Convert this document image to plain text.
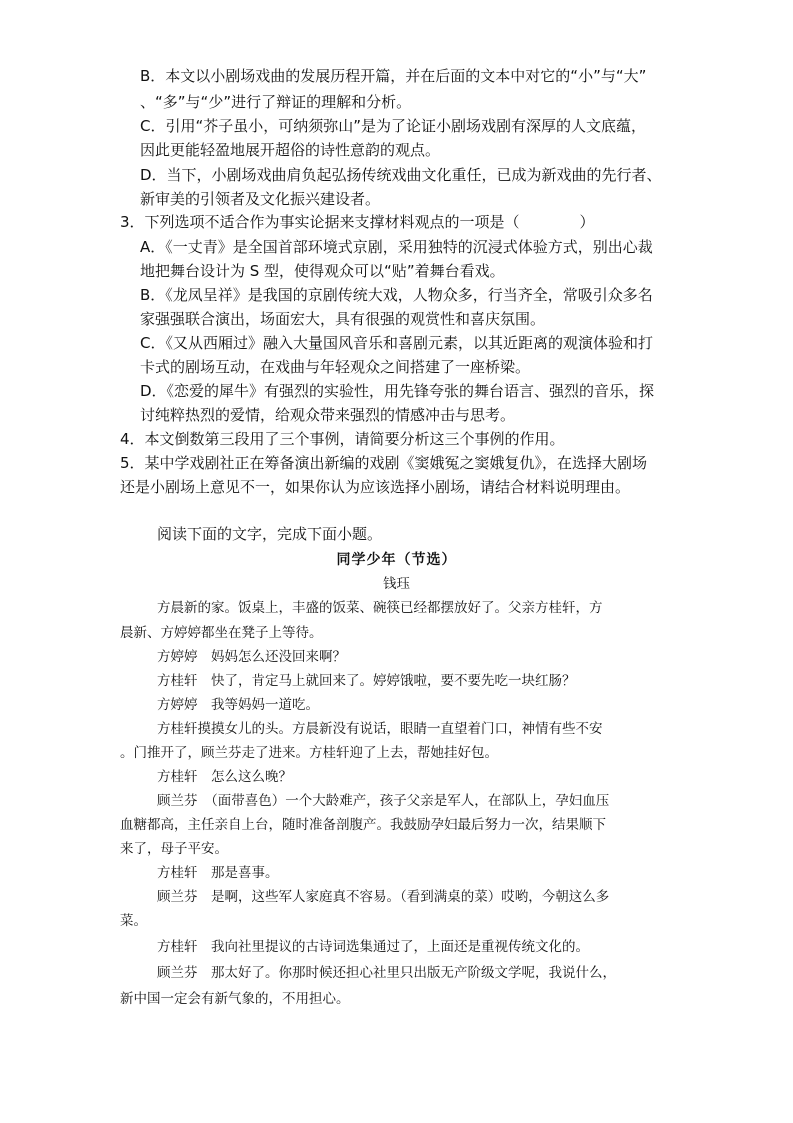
B．本文以小剧场戏曲的发展历程开篇，并在后面的文本中对它的“小”与“大”
、“多”与“少”进行了辩证的理解和分析。
C．引用“芥子虽小，可纳须弥山”是为了论证小剧场戏剧有深厚的人文底蕴，
因此更能轻盈地展开超俗的诗性意韵的观点。
D．当下，小剧场戏曲肩负起弘扬传统戏曲文化重任，已成为新戏曲的先行者、
新审美的引领者及文化振兴建设者。
3．下列选项不适合作为事实论据来支撑材料观点的一项是（　　　　）
A．《一丈青》是全国首部环境式京剧，采用独特的沉浸式体验方式，别出心裁
地把舞台设计为 S 型，使得观众可以“贴”着舞台看戏。
B．《龙凤呈祥》是我国的京剧传统大戏，人物众多，行当齐全，常吸引众多名
家强强联合演出，场面宏大，具有很强的观赏性和喜庆氛围。
C．《又从西厢过》融入大量国风音乐和喜剧元素，以其近距离的观演体验和打
卡式的剧场互动，在戏曲与年轻观众之间搭建了一座桥梁。
D．《恋爱的犀牛》有强烈的实验性，用先锋夸张的舞台语言、强烈的音乐，探
讨纯粹热烈的爱情，给观众带来强烈的情感冲击与思考。
4．本文倒数第三段用了三个事例，请简要分析这三个事例的作用。
5．某中学戏剧社正在筹备演出新编的戏剧《窦娥冤之窦娥复仇》，在选择大剧场
还是小剧场上意见不一，如果你认为应该选择小剧场，请结合材料说明理由。
阅读下面的文字，完成下面小题。
同学少年（节选）
钱珏
方晨新的家。饭桌上，丰盛的饭菜、碗筷已经都摆放好了。父亲方桂轩，方
晨新、方婷婷都坐在凳子上等待。
方婷婷　妈妈怎么还没回来啊？
方桂轩　快了，肯定马上就回来了。婷婷饿啦，要不要先吃一块红肠？
方婷婷　我等妈妈一道吃。
方桂轩摸摸女儿的头。方晨新没有说话，眼睛一直望着门口，神情有些不安
。门推开了，顾兰芬走了进来。方桂轩迎了上去，帮她挂好包。
方桂轩　怎么这么晚？
顾兰芬　（面带喜色）一个大龄难产，孩子父亲是军人，在部队上，孕妇血压
血糖都高，主任亲自上台，随时准备剖腹产。我鼓励孕妇最后努力一次，结果顺下
来了，母子平安。
方桂轩　那是喜事。
顾兰芬　是啊，这些军人家庭真不容易。（看到满桌的菜）哎哟，今朝这么多
菜。
方桂轩　我向社里提议的古诗词选集通过了，上面还是重视传统文化的。
顾兰芬　那太好了。你那时候还担心社里只出版无产阶级文学呢，我说什么，
新中国一定会有新气象的，不用担心。
